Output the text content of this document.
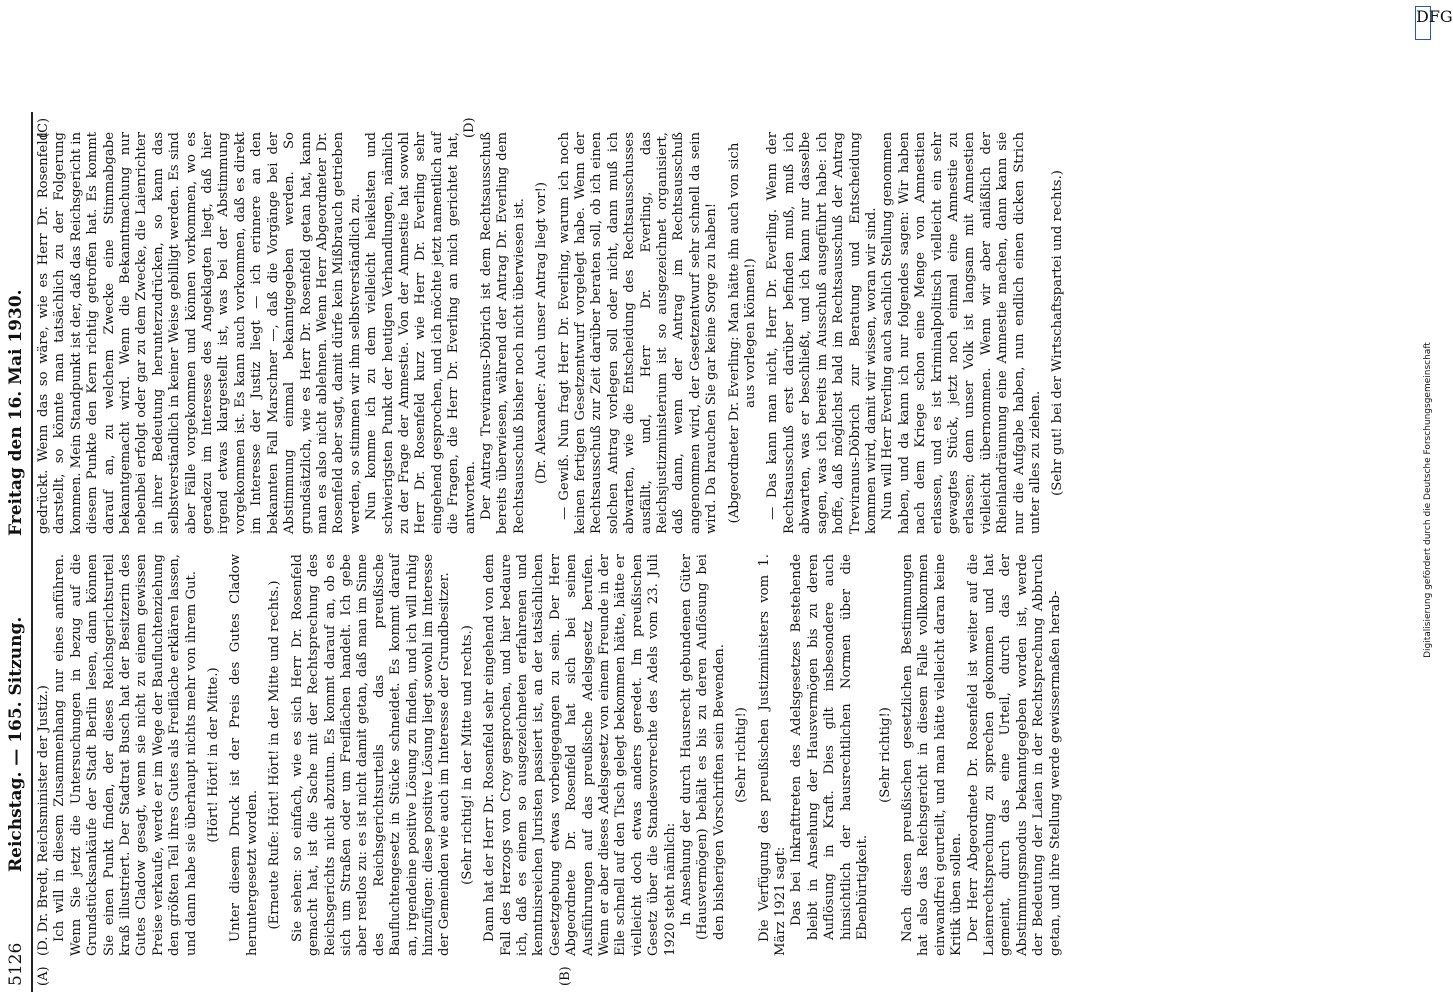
5126
Reichstag. — 165. Sitzung.
Freitag den 16. Mai 1930.
(A)	(B)
(C)	(D)

(D. Dr. Bredt, Reichsminister der Justiz.) Ich will in diesem Zusammenhang nur eines anführen. Wenn Sie jetzt die Untersuchungen in bezug auf die Grundstücksankäufe der Stadt Berlin lesen, dann können Sie einen Punkt finden, der dieses Reichsgerichtsurteil kraß illustriert. Der Stadtrat Busch hat der Besitzerin des Gutes Cladow gesagt, wenn sie nicht zu einem gewissen Preise verkaufe, werde er im Wege der Baufluchtenziehung den größten Teil ihres Gutes als Freifläche erklären lassen, und dann habe sie überhaupt nichts mehr von ihrem Gut. (Hört! Hört! in der Mitte.) Unter diesem Druck ist der Preis des Gutes Cladow heruntergesetzt worden. (Erneute Rufe: Hört! Hört! in der Mitte und rechts.) Sie sehen: so einfach, wie es sich Herr Dr. Rosenfeld gemacht hat, ist die Sache mit der Rechtsprechung des Reichsgerichts nicht abzutun. Es kommt darauf an, ob es sich um Straßen oder um Freiflächen handelt. Ich gebe aber restlos zu: es ist nicht damit getan, daß man im Sinne des Reichsgerichtsurteils das preußische Baufluchtengesetz in Stücke schneidet. Es kommt darauf an, irgendeine positive Lösung zu finden, und ich will ruhig hinzufügen: diese positive Lösung liegt sowohl im Interesse der Gemeinden wie auch im Interesse der Grundbesitzer. (Sehr richtig! in der Mitte und rechts.) Dann hat der Herr Dr. Rosenfeld sehr eingehend von dem Fall des Herzogs von Croy gesprochen, und hier bedaure ich, daß es einem so ausgezeichneten erfahrenen und kenntnisreichen Juristen passiert ist, an der tatsächlichen Gesetzgebung etwas vorbeigegangen zu sein. Der Herr Abgeordnete Dr. Rosenfeld hat sich bei seinen Ausführungen auf das preußische Adelsgesetz berufen. Wenn er aber dieses Adelsgesetz von einem Freunde in der Eile schnell auf den Tisch gelegt bekommen hätte, hätte er vielleicht doch etwas anders geredet. Im preußischen Gesetz über die Standesvorrechte des Adels vom 23. Juli 1920 steht nämlich: In Ansehung der durch Hausrecht gebundenen Güter (Hausvermögen) behält es bis zu deren Auflösung bei den bisherigen Vorschriften sein Bewenden. (Sehr richtig!) Die Verfügung des preußischen Justizministers vom 1. März 1921 sagt: Das bei Inkrafttreten des Adelsgesetzes Bestehende bleibt in Ansehung der Hausvermögen bis zu deren Auflösung in Kraft. Dies gilt insbesondere auch hinsichtlich der hausrechtlichen Normen über die Ebenbürtigkeit.

(Sehr richtig!) Nach diesen preußischen gesetzlichen Bestimmungen hat also das Reichsgericht in diesem Falle vollkommen einwandfrei geurteilt, und man hätte vielleicht daran keine Kritik üben sollen. Der Herr Abgeordnete Dr. Rosenfeld ist weiter auf die Laienrechtsprechung zu sprechen gekommen und hat gemeint, durch das eine Urteil, durch das der Abstimmungsmodus bekanntgegeben worden ist, werde der Bedeutung der Laien in der Rechtsprechung Abbruch getan, und ihre Stellung werde gewissermaßen herab-

gedrückt. Wenn das so wäre, wie es Herr Dr. Rosenfeld darstellt, so könnte man tatsächlich zu der Folgerung kommen. Mein Standpunkt ist der, daß das Reichsgericht in diesem Punkte den Kern richtig getroffen hat. Es kommt darauf an, zu welchem Zwecke eine Stimmabgabe bekanntgemacht wird. Wenn die Bekanntmachung nur nebenbei erfolgt oder gar zu dem Zwecke, die Laienrichter in ihrer Bedeutung herunterzudrücken, so kann das selbstverständlich in keiner Weise gebilligt werden. Es sind aber Fälle vorgekommen und können vorkommen, wo es geradezu im Interesse des Angeklagten liegt, daß hier irgend etwas klargestellt ist, was bei der Abstimmung vorgekommen ist. Es kann auch vorkommen, daß es direkt im Interesse der Justiz liegt — ich erinnere an den bekannten Fall Marschner —, daß die Vorgänge bei der Abstimmung einmal bekanntgegeben werden. So grundsätzlich, wie es Herr Dr. Rosenfeld getan hat, kann man es also nicht ablehnen. Wenn Herr Abgeordneter Dr. Rosenfeld aber sagt, damit dürfe kein Mißbrauch getrieben werden, so stimmen wir ihm selbstverständlich zu. Nun komme ich zu dem vielleicht heikelsten und schwierigsten Punkt der heutigen Verhandlungen, nämlich zu der Frage der Amnestie. Von der Amnestie hat sowohl Herr Dr. Rosenfeld kurz wie Herr Dr. Everling sehr eingehend gesprochen, und ich möchte jetzt namentlich auf die Fragen, die Herr Dr. Everling an mich gerichtet hat, antworten. Der Antrag Treviranus-Döbrich ist dem Rechtsausschuß bereits überwiesen, während der Antrag Dr. Everling dem Rechtsausschuß bisher noch nicht überwiesen ist. (Dr. Alexander: Auch unser Antrag liegt vor!) — Gewiß. Nun fragt Herr Dr. Everling, warum ich noch keinen fertigen Gesetzentwurf vorgelegt habe. Wenn der Rechtsausschuß zur Zeit darüber beraten soll, ob ich einen solchen Antrag vorlegen soll oder nicht, dann muß ich abwarten, wie die Entscheidung des Rechtsausschusses ausfällt, und, Herr Dr. Everling, das Reichsjustizministerium ist so ausgezeichnet organisiert, daß dann, wenn der Antrag im Rechtsausschuß angenommen wird, der Gesetzentwurf sehr schnell da sein wird. Da brauchen Sie gar keine Sorge zu haben! (Abgeordneter Dr. Everling: Man hätte ihn auch von sich aus vorlegen können!) — Das kann man nicht, Herr Dr. Everling. Wenn der Rechtsausschuß erst darüber befinden muß, muß ich abwarten, was er beschließt, und ich kann nur dasselbe sagen, was ich bereits im Ausschuß ausgeführt habe: ich hoffe, daß möglichst bald im Rechtsausschuß der Antrag Treviranus-Döbrich zur Beratung und Entscheidung kommen wird, damit wir wissen, woran wir sind. Nun will Herr Everling auch sachlich Stellung genommen haben, und da kann ich nur folgendes sagen: Wir haben nach dem Kriege schon eine Menge von Amnestien erlassen, und es ist kriminalpolitisch vielleicht ein sehr gewagtes Stück, jetzt noch einmal eine Amnestie zu erlassen; denn unser Volk ist langsam mit Amnestien vielleicht übernommen. Wenn wir aber anläßlich der Rheinlandräumung eine Amnestie machen, dann kann sie nur die Aufgabe haben, nun endlich einen dicken Strich unter alles zu ziehen. (Sehr gut! bei der Wirtschaftspartei und rechts.)

Digitalisierung gefördert durch die Deutsche Forschungsgemeinschaft
DFG
